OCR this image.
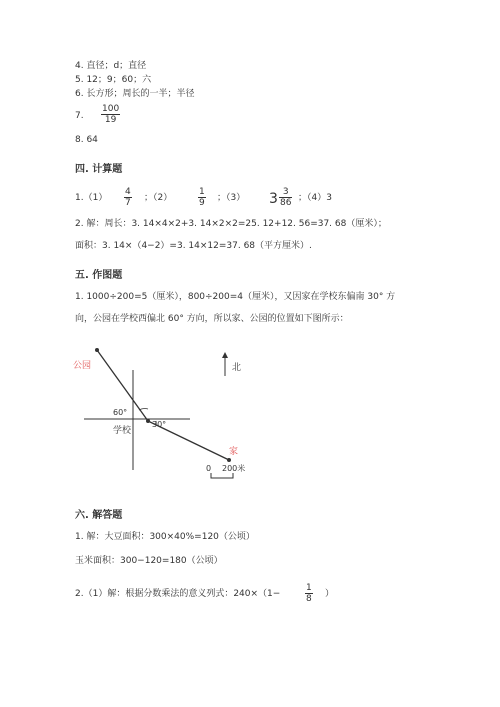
4. 直径；d；直径
5. 12；9；60；六
6. 长方形；周长的一半；半径
7. $\frac{100}{19}$
8. 64
四. 计算题
$1.(1) \frac{4}{7}$ ；（2）	$\frac{1}{9}$ ；（3） $3 \frac{3}{86}$ ；（4）3
2. 解：周长：3. 14×4×2+3. 14×2×2=25. 12+12. 56=37. 68（厘米）；
面积：3. 14×（4−2）=3. 14×12=37. 68（平方厘米）.
五. 作图题
1. 1000÷200=5（厘米），800÷200=4（厘米），又因家在学校东偏南 30° 方
向，公园在学校西偏北 60° 方向，所以家、公园的位置如下图所示：
公园
学校
家
60°
30°
北
0 200米
六. 解答题
1. 解：大豆面积：300×40%=120（公顷）
玉米面积：300−120=180（公顷）
2.（1）解：根据分数乘法的意义列式：240×（1−	$\frac{1}{8}$ ）
